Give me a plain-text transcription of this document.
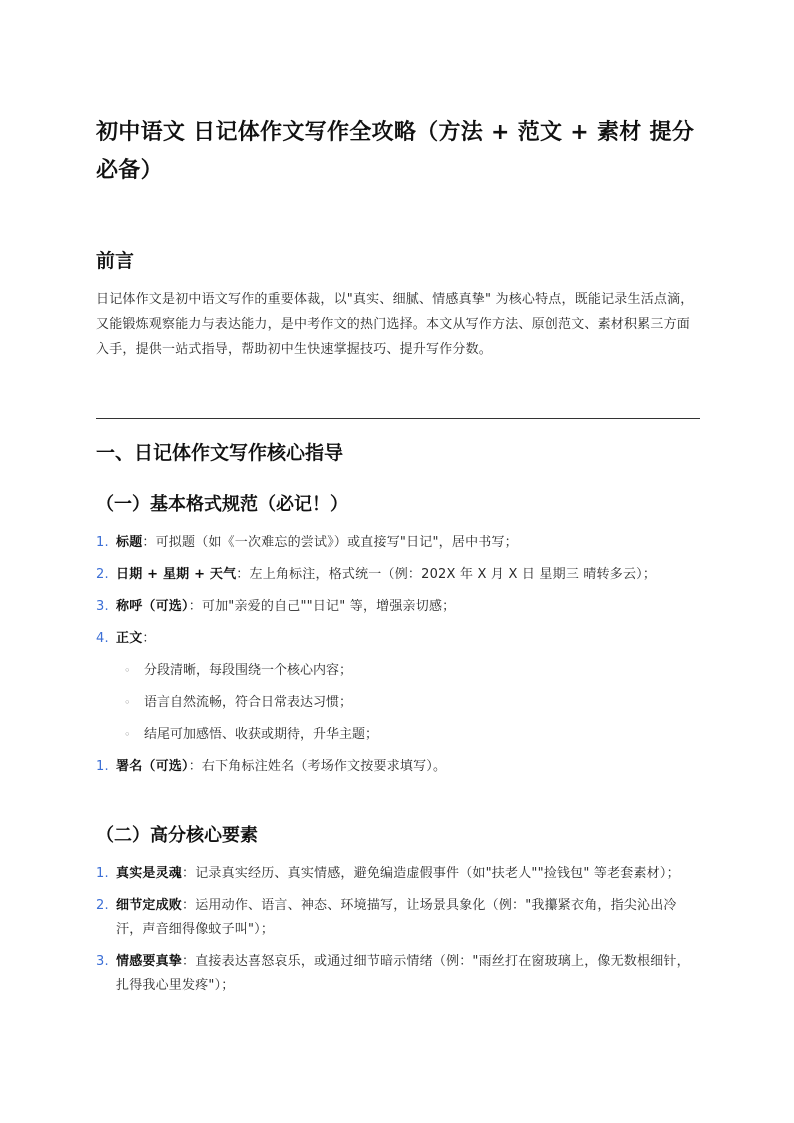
初中语文 日记体作文写作全攻略（方法 + 范文 + 素材 提分必备）
前言

日记体作文是初中语文写作的重要体裁，以"真实、细腻、情感真挚" 为核心特点，既能记录生活点滴，又能锻炼观察能力与表达能力，是中考作文的热门选择。本文从写作方法、原创范文、素材积累三方面入手，提供一站式指导，帮助初中生快速掌握技巧、提升写作分数。

一、日记体作文写作核心指导
（一）基本格式规范（必记！）
1. 标题：可拟题（如《一次难忘的尝试》）或直接写"日记"，居中书写；
2. 日期 + 星期 + 天气：左上角标注，格式统一（例：202X 年 X 月 X 日 星期三 晴转多云）；
3. 称呼（可选）：可加"亲爱的自己""日记" 等，增强亲切感；
4. 正文：
◦ 分段清晰，每段围绕一个核心内容；
◦ 语言自然流畅，符合日常表达习惯；
◦ 结尾可加感悟、收获或期待，升华主题；
1. 署名（可选）：右下角标注姓名（考场作文按要求填写）。
（二）高分核心要素
1. 真实是灵魂：记录真实经历、真实情感，避免编造虚假事件（如"扶老人""捡钱包" 等老套素材）；
2. 细节定成败：运用动作、语言、神态、环境描写，让场景具象化（例："我攥紧衣角，指尖沁出冷汗，声音细得像蚊子叫"）；
3. 情感要真挚：直接表达喜怒哀乐，或通过细节暗示情绪（例："雨丝打在窗玻璃上，像无数根细针，扎得我心里发疼"）；
